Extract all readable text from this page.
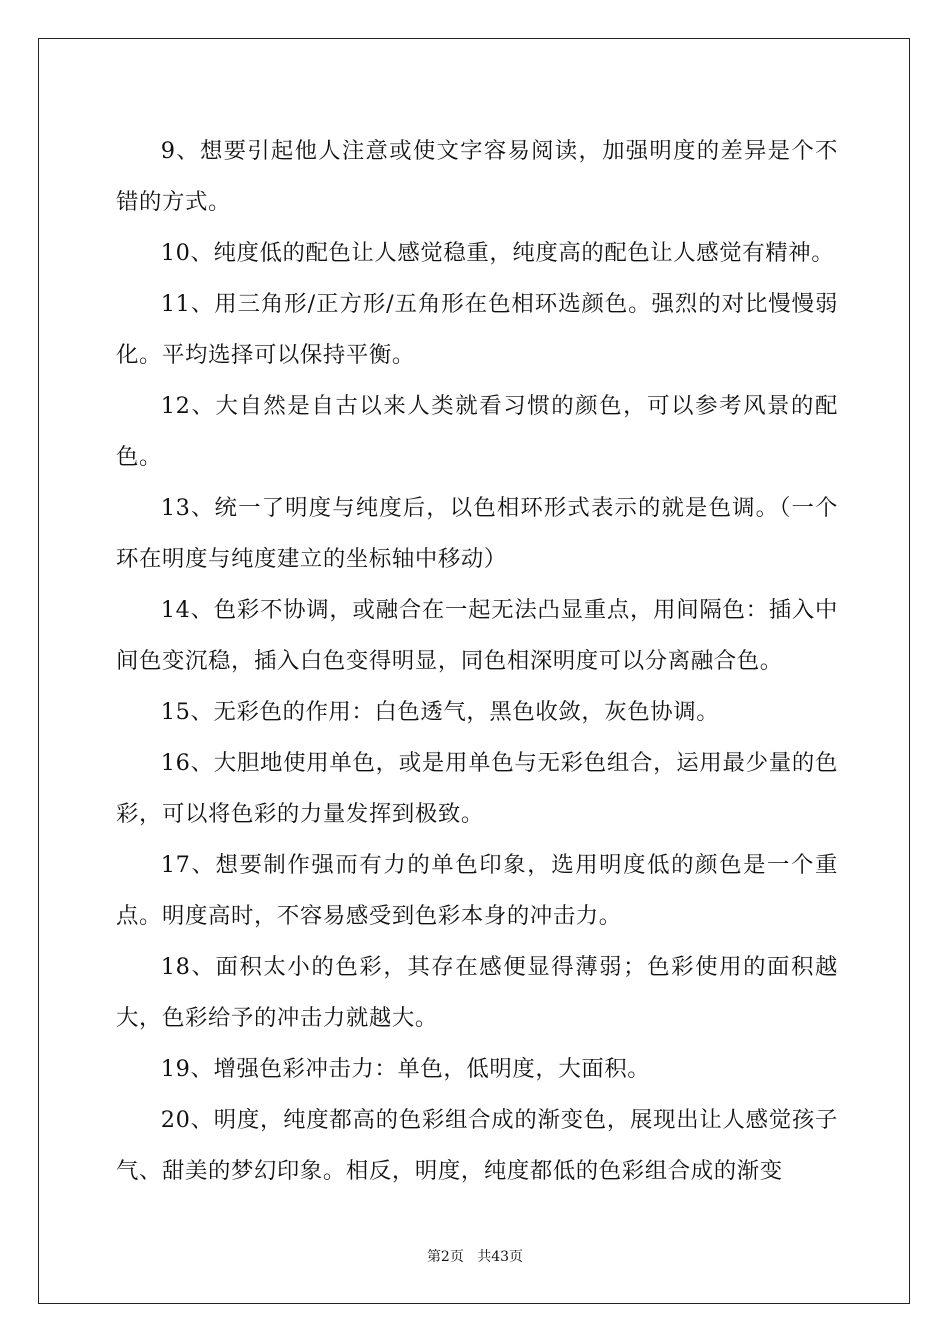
9、想要引起他人注意或使文字容易阅读，加强明度的差异是个不错的方式。

10、纯度低的配色让人感觉稳重，纯度高的配色让人感觉有精神。

11、用三角形/正方形/五角形在色相环选颜色。强烈的对比慢慢弱化。平均选择可以保持平衡。

12、大自然是自古以来人类就看习惯的颜色，可以参考风景的配色。

13、统一了明度与纯度后，以色相环形式表示的就是色调。（一个环在明度与纯度建立的坐标轴中移动）

14、色彩不协调，或融合在一起无法凸显重点，用间隔色：插入中间色变沉稳，插入白色变得明显，同色相深明度可以分离融合色。

15、无彩色的作用：白色透气，黑色收敛，灰色协调。

16、大胆地使用单色，或是用单色与无彩色组合，运用最少量的色彩，可以将色彩的力量发挥到极致。

17、想要制作强而有力的单色印象，选用明度低的颜色是一个重点。明度高时，不容易感受到色彩本身的冲击力。

18、面积太小的色彩，其存在感便显得薄弱；色彩使用的面积越大，色彩给予的冲击力就越大。

19、增强色彩冲击力：单色，低明度，大面积。

20、明度，纯度都高的色彩组合成的渐变色，展现出让人感觉孩子气、甜美的梦幻印象。相反，明度，纯度都低的色彩组合成的渐变

第2页 共43页
